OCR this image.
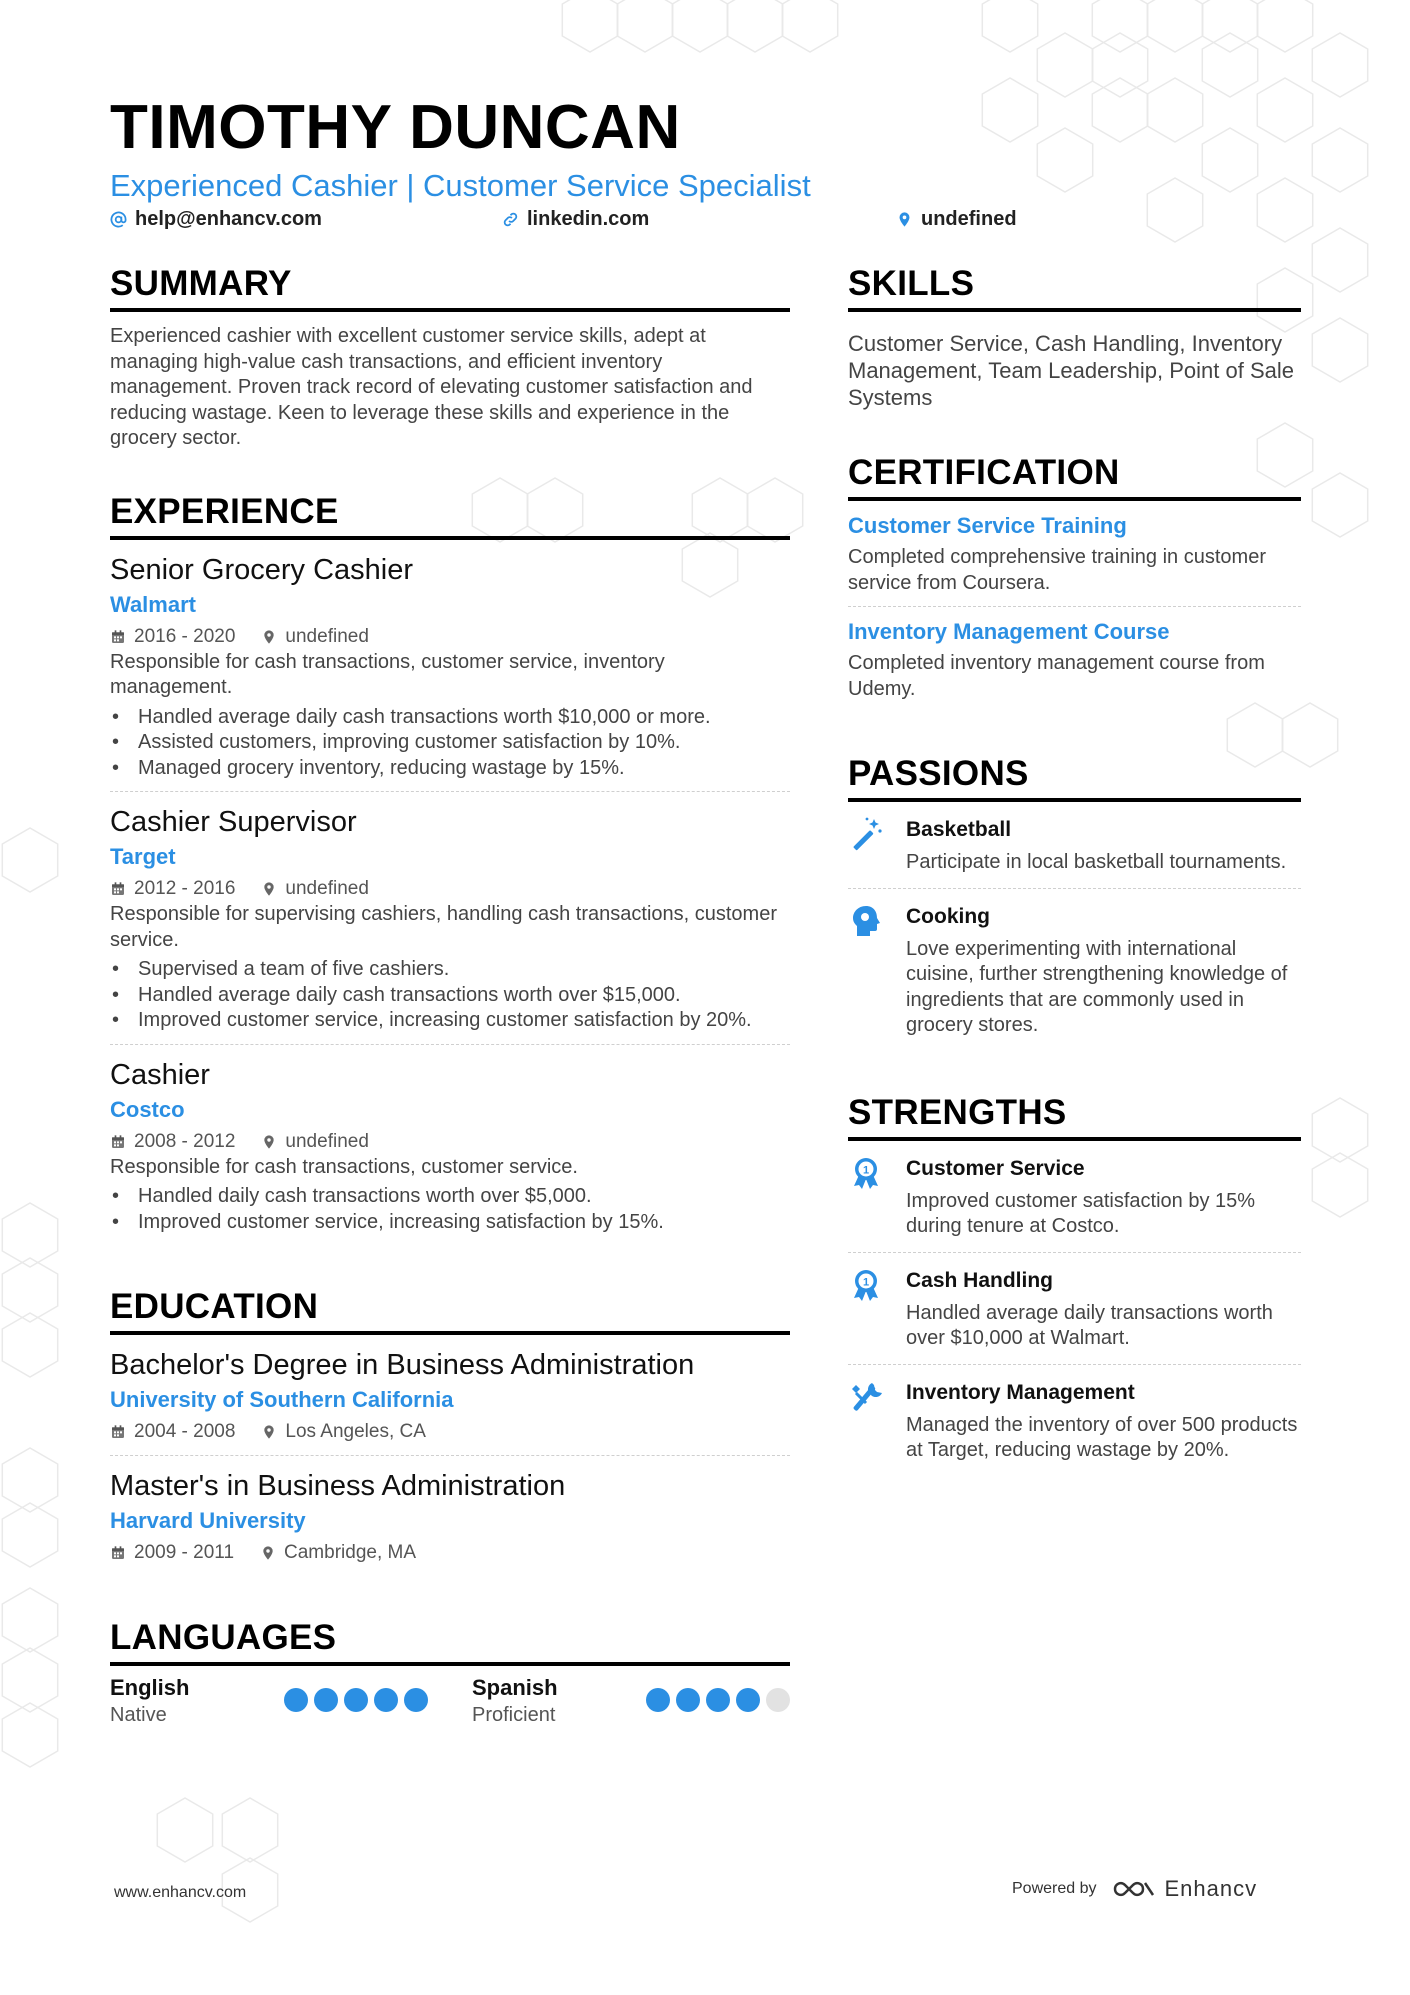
TIMOTHY DUNCAN

Experienced Cashier | Customer Service Specialist

help@enhancv.com	linkedin.com	undefined
SUMMARY

Experienced cashier with excellent customer service skills, adept at managing high-value cash transactions, and efficient inventory management. Proven track record of elevating customer satisfaction and reducing wastage. Keen to leverage these skills and experience in the grocery sector.

EXPERIENCE

Senior Grocery Cashier

Walmart

2016 - 2020	undefined

Responsible for cash transactions, customer service, inventory management.

• Handled average daily cash transactions worth $10,000 or more.
• Assisted customers, improving customer satisfaction by 10%.
• Managed grocery inventory, reducing wastage by 15%.

Cashier Supervisor

Target

2012 - 2016	undefined

Responsible for supervising cashiers, handling cash transactions, customer service.

• Supervised a team of five cashiers.
• Handled average daily cash transactions worth over $15,000.
• Improved customer service, increasing customer satisfaction by 20%.

Cashier

Costco

2008 - 2012	undefined

Responsible for cash transactions, customer service.

• Handled daily cash transactions worth over $5,000.
• Improved customer service, increasing satisfaction by 15%.
EDUCATION

Bachelor's Degree in Business Administration

University of Southern California

2004 - 2008	Los Angeles, CA

Master's in Business Administration

Harvard University

2009 - 2011	Cambridge, MA
LANGUAGES
English
Native
Spanish
Proficient
SKILLS

Customer Service, Cash Handling, Inventory Management, Team Leadership, Point of Sale Systems

CERTIFICATION

Customer Service Training

Completed comprehensive training in customer service from Coursera.

Inventory Management Course

Completed inventory management course from Udemy.

PASSIONS

Basketball

Participate in local basketball tournaments.

Cooking

Love experimenting with international cuisine, further strengthening knowledge of ingredients that are commonly used in grocery stores.

STRENGTHS
1 Customer Service

Improved customer satisfaction by 15% during tenure at Costco.

1 Cash Handling

Handled average daily transactions worth over $10,000 at Walmart.

Inventory Management

Managed the inventory of over 500 products at Target, reducing wastage by 20%.

www.enhancv.com	Powered by	Enhancv
